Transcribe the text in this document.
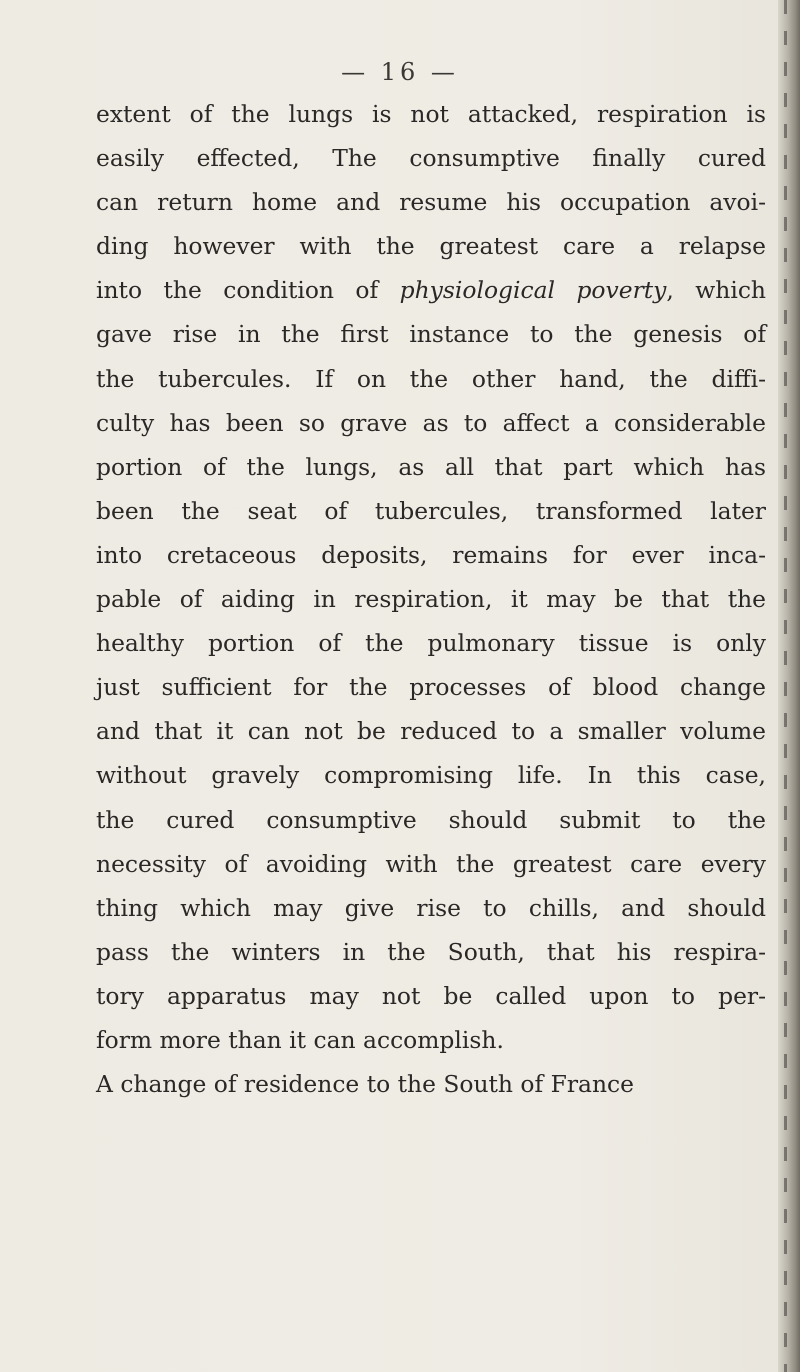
— 16 —
extent of the lungs is not attacked, respiration is
easily effected, The consumptive finally cured
can return home and resume his occupation avoi-
ding however with the greatest care a relapse
into the condition of physiological poverty, which
gave rise in the first instance to the genesis of
the tubercules. If on the other hand, the diffi-
culty has been so grave as to affect a considerable
portion of the lungs, as all that part which has
been the seat of tubercules, transformed later
into cretaceous deposits, remains for ever inca-
pable of aiding in respiration, it may be that the
healthy portion of the pulmonary tissue is only
just sufficient for the processes of blood change
and that it can not be reduced to a smaller volume
without gravely compromising life. In this case,
the cured consumptive should submit to the
necessity of avoiding with the greatest care every
thing which may give rise to chills, and should
pass the winters in the South, that his respira-
tory apparatus may not be called upon to per-
form more than it can accomplish.
A change of residence to the South of France
